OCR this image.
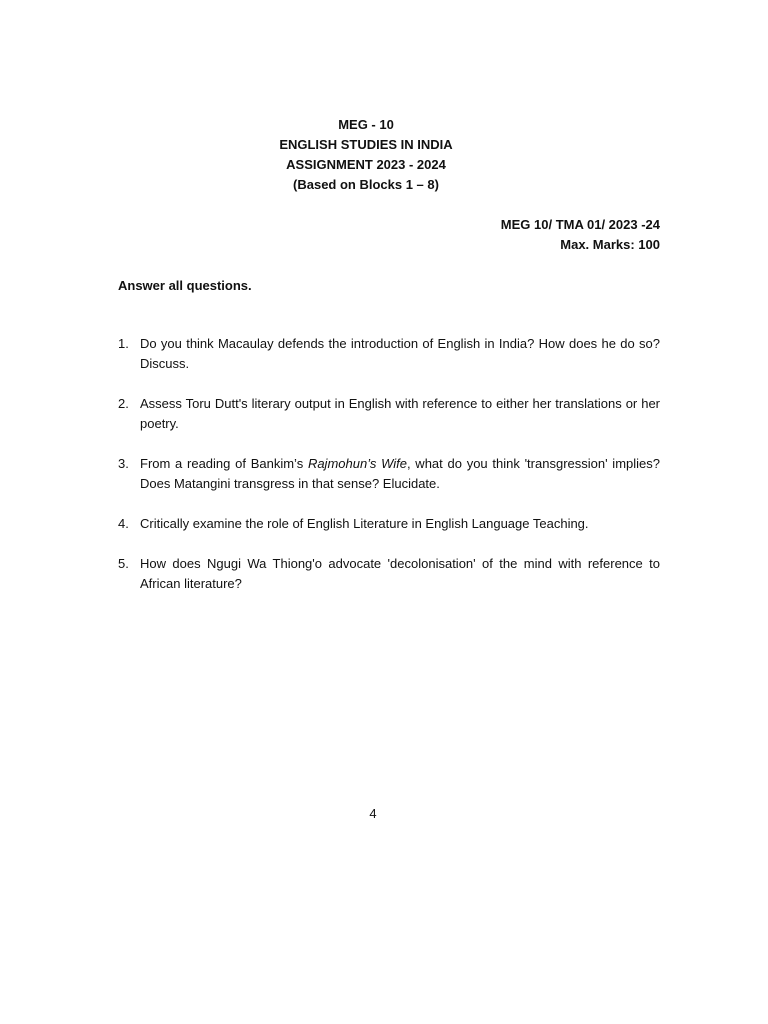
MEG - 10
ENGLISH STUDIES IN INDIA
ASSIGNMENT 2023 - 2024
(Based on Blocks 1 – 8)
MEG 10/ TMA 01/ 2023 -24
Max. Marks: 100
Answer all questions.
1. Do you think Macaulay defends the introduction of English in India? How does he do so? Discuss.
2. Assess Toru Dutt's literary output in English with reference to either her translations or her poetry.
3. From a reading of Bankim’s Rajmohun’s Wife, what do you think 'transgression' implies? Does Matangini transgress in that sense? Elucidate.
4. Critically examine the role of English Literature in English Language Teaching.
5. How does Ngugi Wa Thiong'o advocate 'decolonisation' of the mind with reference to African literature?
4
